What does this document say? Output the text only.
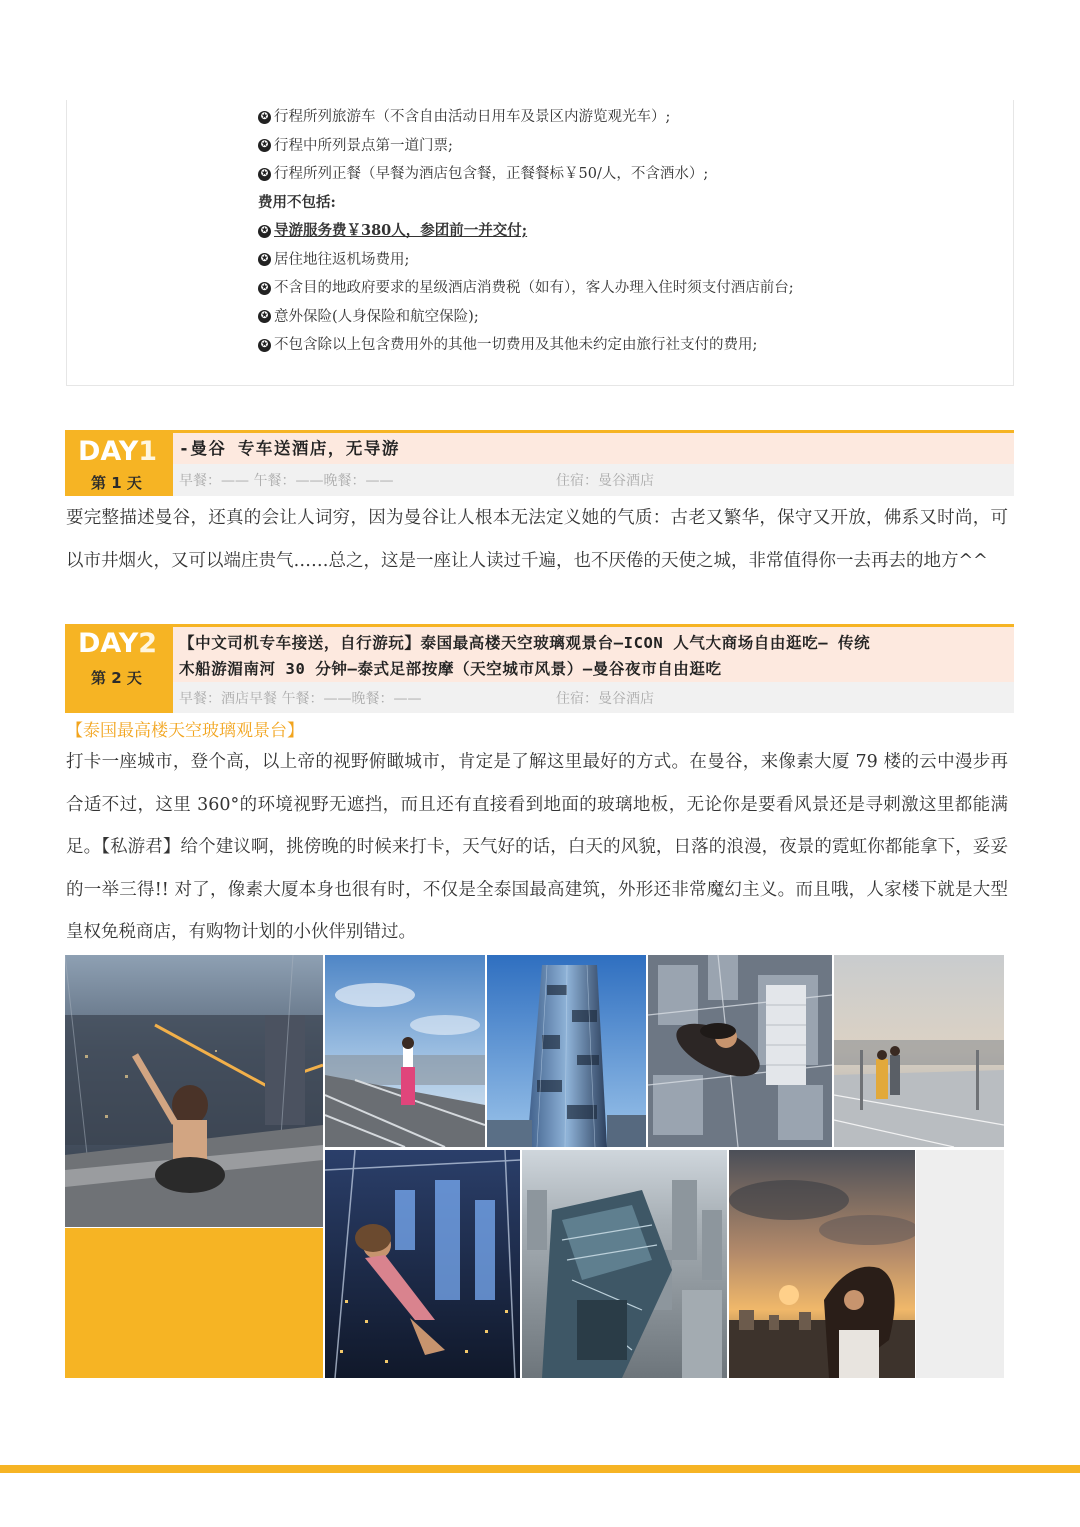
✪ 行程所列旅游车（不含自由活动日用车及景区内游览观光车）;
✪ 行程中所列景点第一道门票;
✪ 行程所列正餐（早餐为酒店包含餐，正餐餐标￥50/人，不含酒水）;
费用不包括:
✪ 导游服务费￥380人，参团前一并交付;
✪ 居住地往返机场费用;
✪ 不含目的地政府要求的星级酒店消费税（如有），客人办理入住时须支付酒店前台;
✪ 意外保险(人身保险和航空保险);
✪ 不包含除以上包含费用外的其他一切费用及其他未约定由旅行社支付的费用;
DAY1
第 1 天
-曼谷 专车送酒店，无导游
早餐：—— 午餐：——晚餐：——	住宿：曼谷酒店
要完整描述曼谷，还真的会让人词穷，因为曼谷让人根本无法定义她的气质：古老又繁华，保守又开放，佛系又时尚，可以市井烟火，又可以端庄贵气……总之，这是一座让人读过千遍，也不厌倦的天使之城，非常值得你一去再去的地方^^
DAY2
第 2 天
【中文司机专车接送，自行游玩】泰国最高楼天空玻璃观景台—ICON 人气大商场自由逛吃— 传统
木船游湄南河 30 分钟—泰式足部按摩（天空城市风景）—曼谷夜市自由逛吃
早餐：酒店早餐 午餐：——晚餐：——	住宿：曼谷酒店
【泰国最高楼天空玻璃观景台】
打卡一座城市，登个高，以上帝的视野俯瞰城市，肯定是了解这里最好的方式。在曼谷，来像素大厦 79 楼的云中漫步再合适不过，这里 360°的环境视野无遮挡，而且还有直接看到地面的玻璃地板，无论你是要看风景还是寻刺激这里都能满足。【私游君】给个建议啊，挑傍晚的时候来打卡，天气好的话，白天的风貌，日落的浪漫，夜景的霓虹你都能拿下，妥妥的一举三得!! 对了，像素大厦本身也很有时，不仅是全泰国最高建筑，外形还非常魔幻主义。而且哦，人家楼下就是大型皇权免税商店，有购物计划的小伙伴别错过。
